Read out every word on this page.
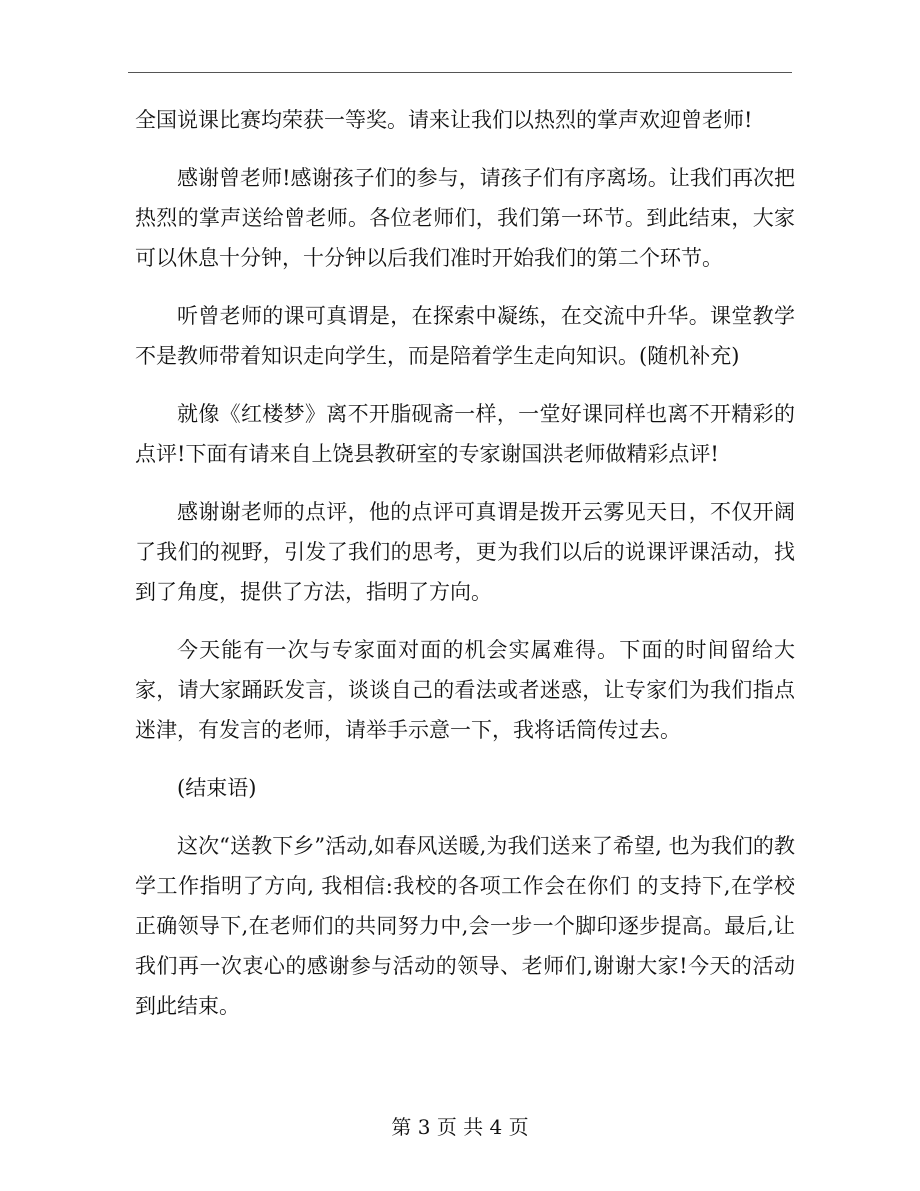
全国说课比赛均荣获一等奖。请来让我们以热烈的掌声欢迎曾老师!

感谢曾老师!感谢孩子们的参与，请孩子们有序离场。让我们再次把热烈的掌声送给曾老师。各位老师们，我们第一环节。到此结束，大家可以休息十分钟，十分钟以后我们准时开始我们的第二个环节。

听曾老师的课可真谓是，在探索中凝练，在交流中升华。课堂教学不是教师带着知识走向学生，而是陪着学生走向知识。(随机补充)

就像《红楼梦》离不开脂砚斋一样，一堂好课同样也离不开精彩的点评!下面有请来自上饶县教研室的专家谢国洪老师做精彩点评!

感谢谢老师的点评，他的点评可真谓是拨开云雾见天日，不仅开阔了我们的视野，引发了我们的思考，更为我们以后的说课评课活动，找到了角度，提供了方法，指明了方向。

今天能有一次与专家面对面的机会实属难得。下面的时间留给大家，请大家踊跃发言，谈谈自己的看法或者迷惑，让专家们为我们指点迷津，有发言的老师，请举手示意一下，我将话筒传过去。

(结束语)

这次“送教下乡”活动,如春风送暖,为我们送来了希望, 也为我们的教学工作指明了方向, 我相信:我校的各项工作会在你们 的支持下,在学校正确领导下,在老师们的共同努力中,会一步一个脚印逐步提高。最后,让我们再一次衷心的感谢参与活动的领导、老师们,谢谢大家!今天的活动到此结束。

第 3 页 共 4 页
